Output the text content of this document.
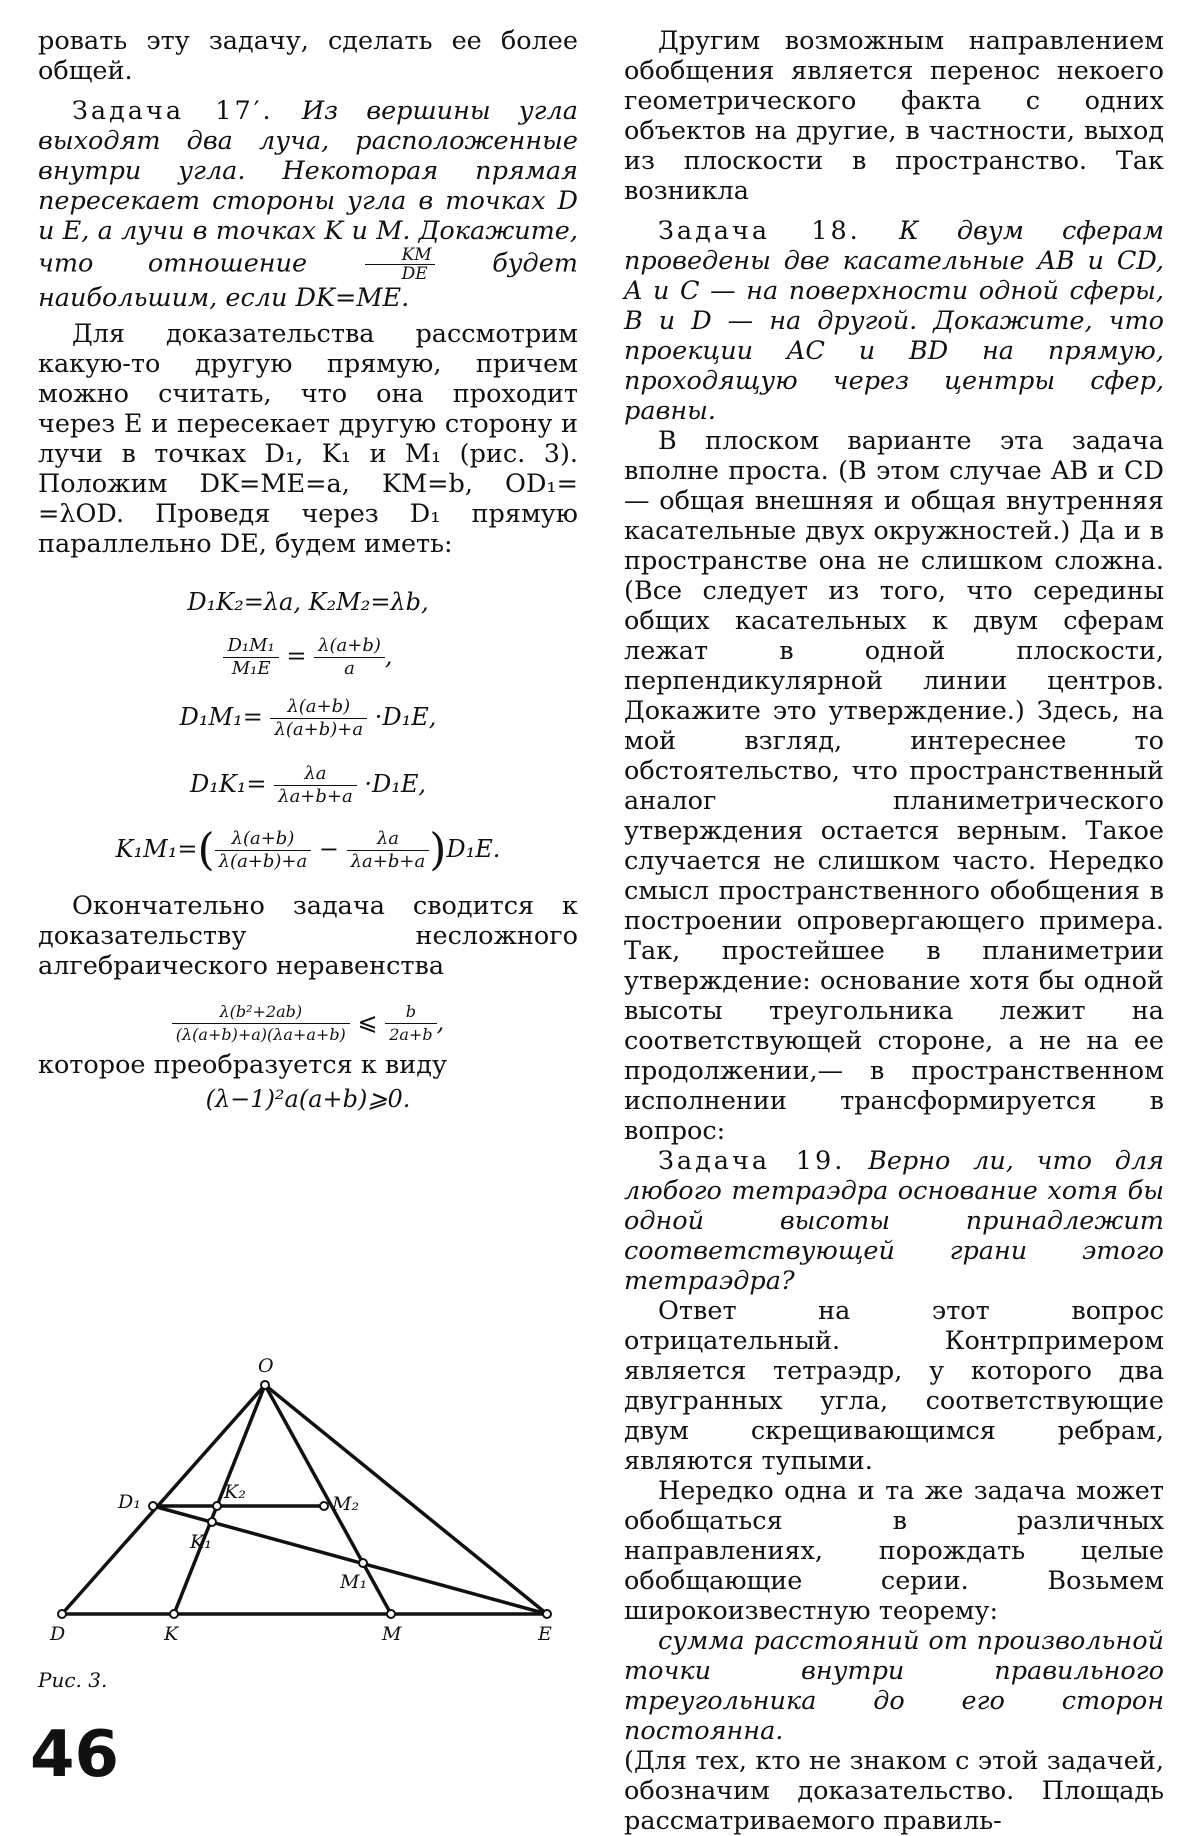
ровать эту задачу, сделать ее более общей.

Задача 17′. Из вершины угла выходят два луча, расположенные внутри угла. Некоторая прямая пересекает стороны угла в точках D и E, а лучи в точках K и M. Докажите, что отношение	$\frac{KM}{DE}$ будет наибольшим, если DK=ME.

Для доказательства рассмотрим какую-то другую прямую, причем можно считать, что она проходит через E и пересекает другую сторону и лучи в точках D₁, K₁ и M₁ (рис. 3). Положим DK=ME=a, KM=b, OD₁= =λOD. Проведя через D₁ прямую параллельно DE, будем иметь:

D₁K₂=λa, K₂M₂=λb,
$\frac{\text{D₁M₁}}{\text{M₁E}} = \frac{\lambda(a+b)}{a}$ ,
$D_1M_1= \frac{\lambda(a+b)}{\lambda(a+b)+a} \cdot D_1E$,
$D_1K_1= \frac{\lambda a}{\lambda a+b+a} \cdot D_1E$,
$K_1M_1=( \frac{\lambda(a+b)}{\lambda(a+b)+a} - \frac{\lambda a}{\lambda a+b+a} )D_1E$.

Окончательно задача сводится к доказательству несложного алгебраического неравенства

$\frac{\text{λ(b²+2ab)}}{(\lambda(a+b)+a)(\lambda a+a+b)}$ ⩽ $\frac{b}{2a+b}$ ,

которое преобразуется к виду

(λ−1)²a(a+b)⩾0.
O
D	K	M	E
D₁	K₂
M₂
K₁
M₁
Рис. 3.

Другим возможным направлением обобщения является перенос некоего геометрического факта с одних объектов на другие, в частности, выход из плоскости в пространство. Так возникла

Задача 18. К двум сферам проведены две касательные AB и CD, A и C — на поверхности одной сферы, B и D — на другой. Докажите, что проекции AC и BD на прямую, проходящую через центры сфер, равны.

В плоском варианте эта задача вполне проста. (В этом случае AB и CD — общая внешняя и общая внутренняя касательные двух окружностей.) Да и в пространстве она не слишком сложна. (Все следует из того, что середины общих касательных к двум сферам лежат в одной плоскости, перпендикулярной линии центров. Докажите это утверждение.) Здесь, на мой взгляд, интереснее то обстоятельство, что пространственный аналог планиметрического утверждения остается верным. Такое случается не слишком часто. Нередко смысл пространственного обобщения в построении опровергающего примера. Так, простейшее в планиметрии утверждение: основание хотя бы одной высоты треугольника лежит на соответствующей стороне, а не на ее продолжении,— в пространственном исполнении трансформируется в вопрос:

Задача 19. Верно ли, что для любого тетраэдра основание хотя бы одной высоты принадлежит соответствующей грани этого тетраэдра?

Ответ на этот вопрос отрицательный. Контрпримером является тетраэдр, у которого два двугранных угла, соответствующие двум скрещивающимся ребрам, являются тупыми.

Нередко одна и та же задача может обобщаться в различных направлениях, порождать целые обобщающие серии. Возьмем широкоизвестную теорему:

сумма расстояний от произвольной точки внутри правильного треугольника до его сторон постоянна.

(Для тех, кто не знаком с этой задачей, обозначим доказательство. Площадь рассматриваемого правиль-

46
